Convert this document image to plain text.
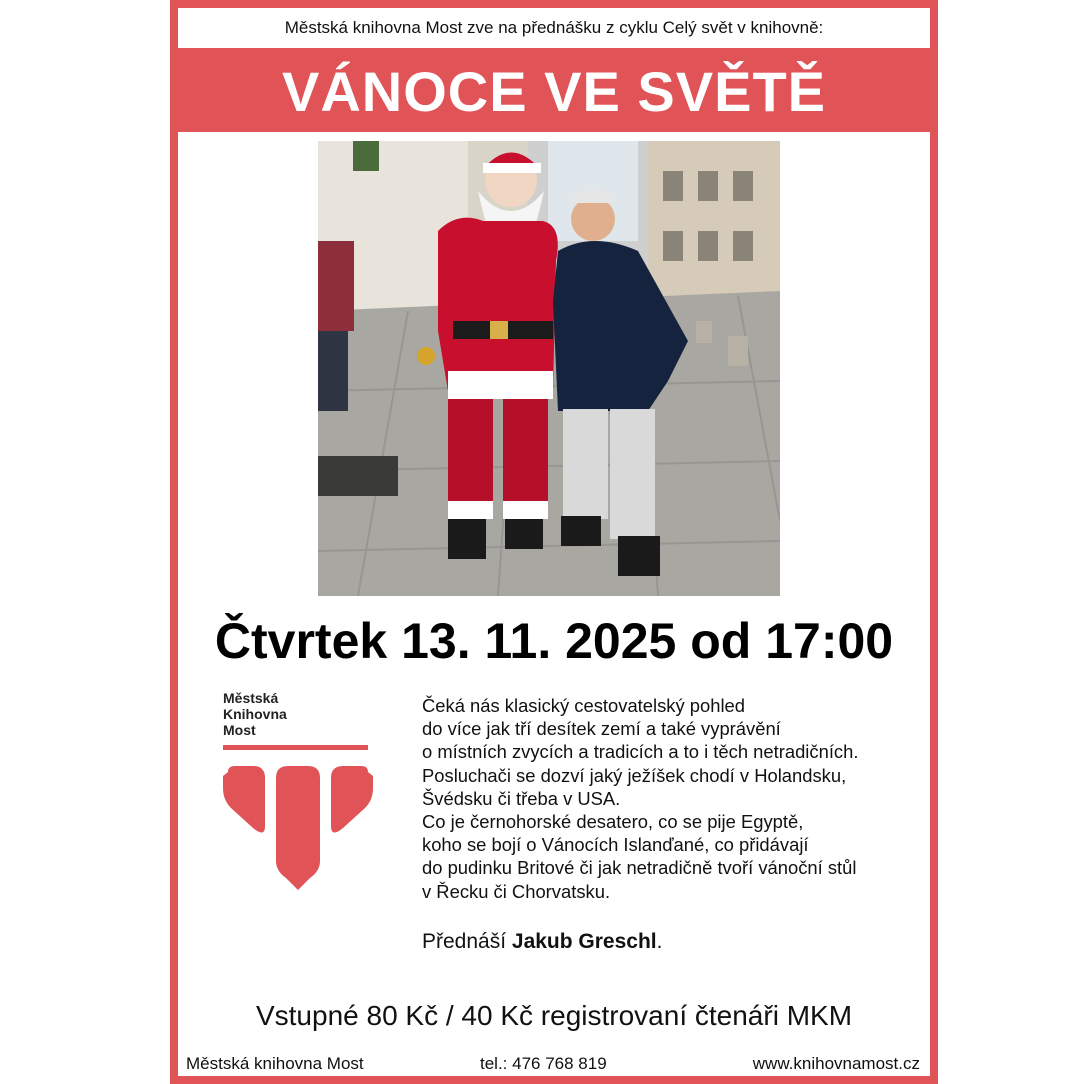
Městská knihovna Most zve na přednášku z cyklu Celý svět v knihovně:
VÁNOCE VE SVĚTĚ
Čtvrtek 13. 11. 2025 od 17:00
Městská
Knihovna
Most

Čeká nás klasický cestovatelský pohled

do více jak tří desítek zemí a také vyprávění

o místních zvycích a tradicích a to i těch netradičních.

Posluchači se dozví jaký ježíšek chodí v Holandsku,

Švédsku či třeba v USA.

Co je černohorské desatero, co se pije Egyptě,

koho se bojí o Vánocích Islanďané, co přidávají

do pudinku Britové či jak netradičně tvoří vánoční stůl

v Řecku či Chorvatsku.

Přednáší Jakub Greschl.
Vstupné 80 Kč / 40 Kč registrovaní čtenáři MKM
Městská knihovna Most	tel.: 476 768 819	www.knihovnamost.cz
